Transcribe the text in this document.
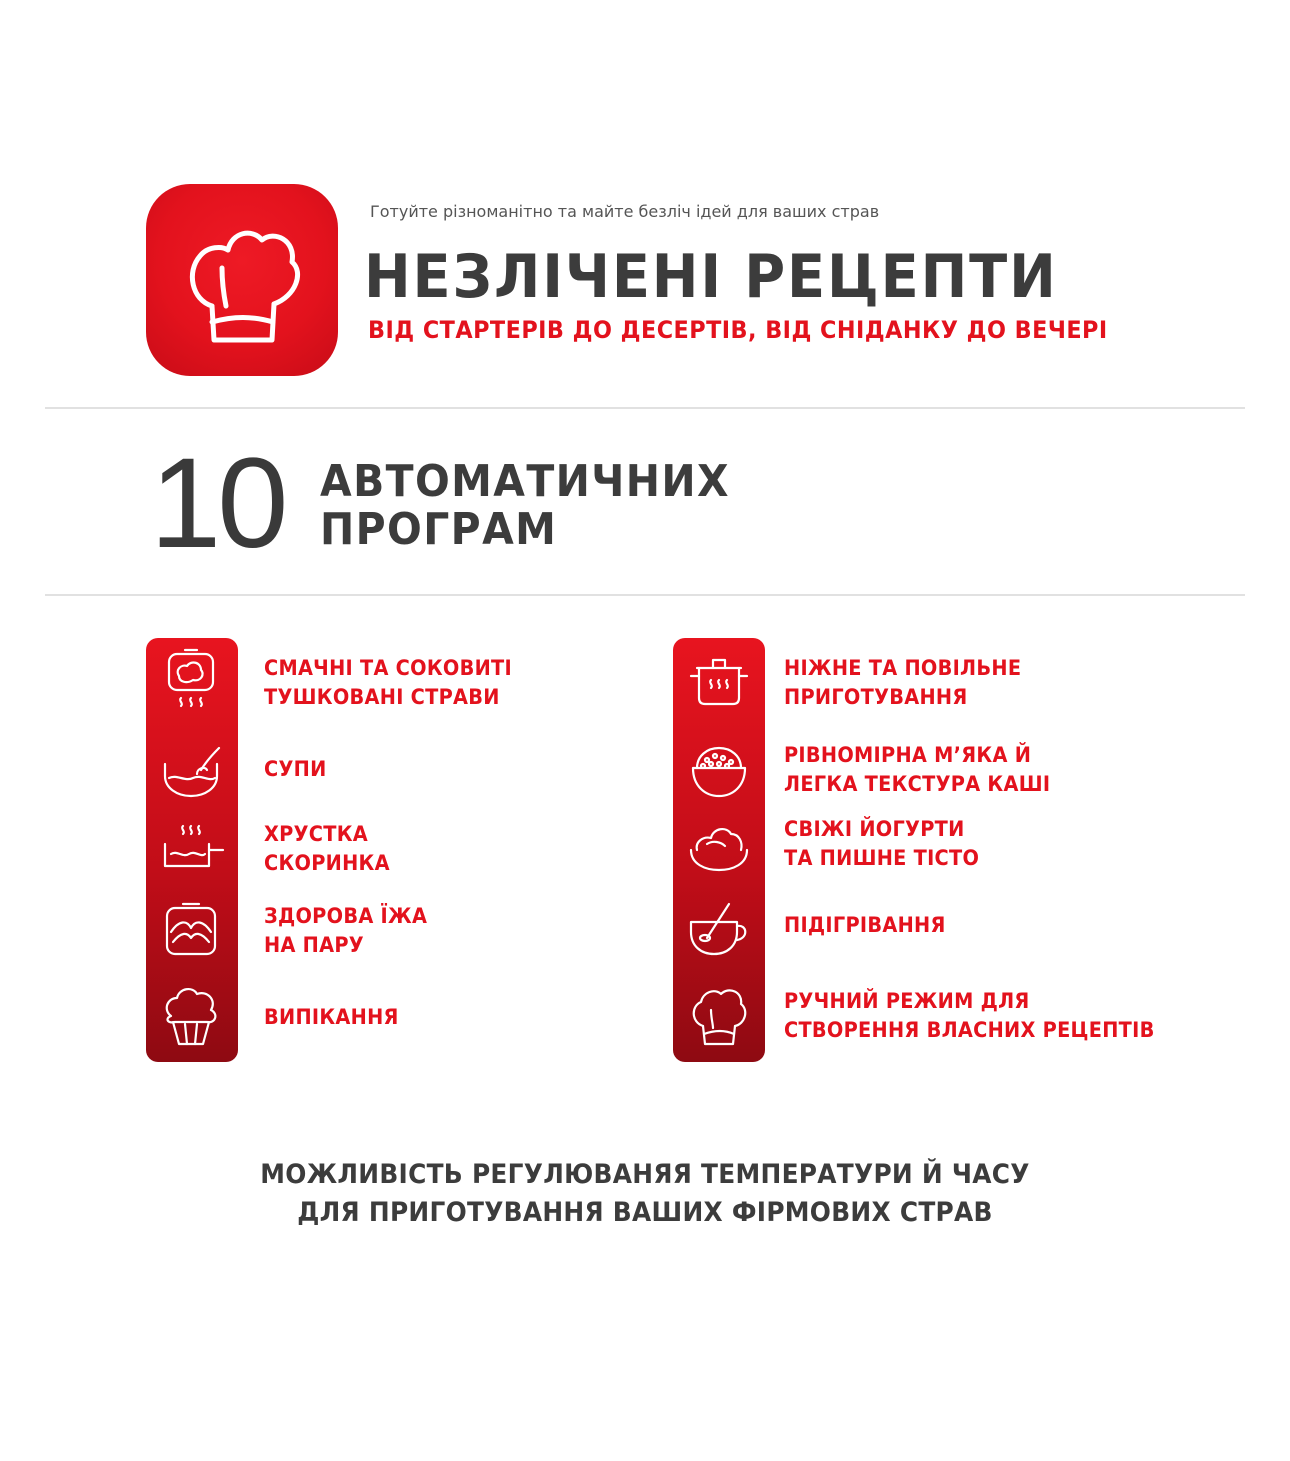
Готуйте різноманітно та майте безліч ідей для ваших страв
НЕЗЛІЧЕНІ РЕЦЕПТИ
ВІД СТАРТЕРІВ ДО ДЕСЕРТІВ, ВІД СНІДАНКУ ДО ВЕЧЕРІ
10 АВТОМАТИЧНИХ
ПРОГРАМ
СМАЧНІ ТА СОКОВИТІ
ТУШКОВАНІ СТРАВИ
СУПИ
ХРУСТКА
СКОРИНКА
ЗДОРОВА ЇЖА
НА ПАРУ
ВИПІКАННЯ
НІЖНЕ ТА ПОВІЛЬНЕ
ПРИГОТУВАННЯ
РІВНОМІРНА М’ЯКА Й
ЛЕГКА ТЕКСТУРА КАШІ
СВІЖІ ЙОГУРТИ
ТА ПИШНЕ ТІСТО
ПІДІГРІВАННЯ
РУЧНИЙ РЕЖИМ ДЛЯ
СТВОРЕННЯ ВЛАСНИХ РЕЦЕПТІВ
МОЖЛИВІСТЬ РЕГУЛЮВАНЯЯ ТЕМПЕРАТУРИ Й ЧАСУ
ДЛЯ ПРИГОТУВАННЯ ВАШИХ ФІРМОВИХ СТРАВ
